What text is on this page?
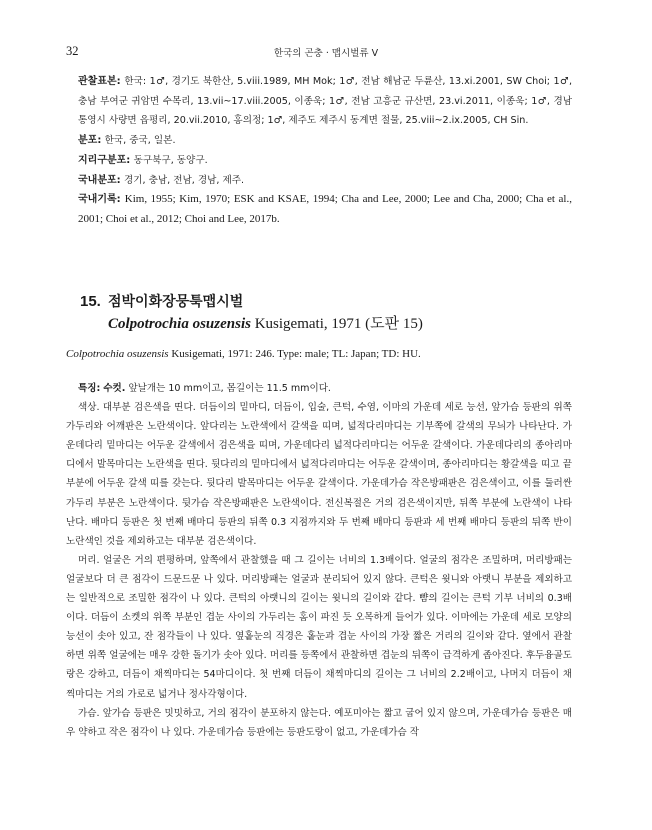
32	한국의 곤충 · 맵시벌류 V

관찰표본: 한국: 1♂, 경기도 북한산, 5.viii.1989, MH Mok; 1♂, 전남 해남군 두륜산, 13.xi.2001, SW Choi; 1♂, 충남 부여군 귀암면 수목리, 13.vii~17.viii.2005, 이종욱; 1♂, 전남 고흥군 규산면, 23.vi.2011, 이종욱; 1♂, 경남 통영시 사량면 읍평리, 20.vii.2010, 홍의정; 1♂, 제주도 제주시 동계면 절물, 25.viii~2.ix.2005, CH Sin.

분포: 한국, 중국, 일본.

지리구분포: 동구북구, 동양구.

국내분포: 경기, 충남, 전남, 경남, 제주.

국내기록: Kim, 1955; Kim, 1970; ESK and KSAE, 1994; Cha and Lee, 2000; Lee and Cha, 2000; Cha et al., 2001; Choi et al., 2012; Choi and Lee, 2017b.

15. 점박이화장뭉툭맵시벌
Colpotrochia osuzensis Kusigemati, 1971 (도판 15)
Colpotrochia osuzensis Kusigemati, 1971: 246. Type: male; TL: Japan; TD: HU.

특징: 수컷. 앞날개는 10 mm이고, 몸길이는 11.5 mm이다.

색상. 대부분 검은색을 띤다. 더듬이의 밑마디, 더듬이, 입술, 큰턱, 수염, 이마의 가운데 세로 능선, 앞가슴 등판의 위쪽 가두리와 어깨판은 노란색이다. 앞다리는 노란색에서 갈색을 띠며, 넓적다리마디는 기부쪽에 갈색의 무늬가 나타난다. 가운데다리 밑마디는 어두운 갈색에서 검은색을 띠며, 가운데다리 넓적다리마디는 어두운 갈색이다. 가운데다리의 종아리마디에서 발목마디는 노란색을 띤다. 뒷다리의 밑마디에서 넓적다리마디는 어두운 갈색이며, 종아리마디는 황갈색을 띠고 끝부분에 어두운 갈색 띠를 갖는다. 뒷다리 발목마디는 어두운 갈색이다. 가운데가슴 작은방패판은 검은색이고, 이를 둘러싼 가두리 부분은 노란색이다. 뒷가슴 작은방패판은 노란색이다. 전신복절은 거의 검은색이지만, 뒤쪽 부분에 노란색이 나타난다. 배마디 등판은 첫 번째 배마디 등판의 뒤쪽 0.3 지점까지와 두 번째 배마디 등판과 세 번째 배마디 등판의 뒤쪽 반이 노란색인 것을 제외하고는 대부분 검은색이다.

머리. 얼굴은 거의 편평하며, 앞쪽에서 관찰했을 때 그 길이는 너비의 1.3배이다. 얼굴의 점각은 조밀하며, 머리방패는 얼굴보다 더 큰 점각이 드문드문 나 있다. 머리방패는 얼굴과 분리되어 있지 않다. 큰턱은 윗니와 아랫니 부분을 제외하고는 일반적으로 조밀한 점각이 나 있다. 큰턱의 아랫니의 길이는 윗니의 길이와 같다. 뺨의 길이는 큰턱 기부 너비의 0.3배이다. 더듬이 소켓의 위쪽 부분인 겹눈 사이의 가두리는 홈이 파진 듯 오목하게 들어가 있다. 이마에는 가운데 세로 모양의 능선이 솟아 있고, 잔 점각들이 나 있다. 옆홑눈의 직경은 홑눈과 겹눈 사이의 가장 짧은 거리의 길이와 같다. 옆에서 관찰하면 위쪽 얼굴에는 매우 강한 돌기가 솟아 있다. 머리를 등쪽에서 관찰하면 겹눈의 뒤쪽이 급격하게 좁아진다. 후두융골도랑은 강하고, 더듬이 채찍마디는 54마디이다. 첫 번째 더듬이 채찍마디의 길이는 그 너비의 2.2배이고, 나머지 더듬이 채찍마디는 거의 가로로 넓거나 정사각형이다.

가슴. 앞가슴 등판은 밋밋하고, 거의 점각이 분포하지 않는다. 예포미아는 짧고 굽어 있지 않으며, 가운데가슴 등판은 매우 약하고 작은 점각이 나 있다. 가운데가슴 등판에는 등판도랑이 없고, 가운데가슴 작
